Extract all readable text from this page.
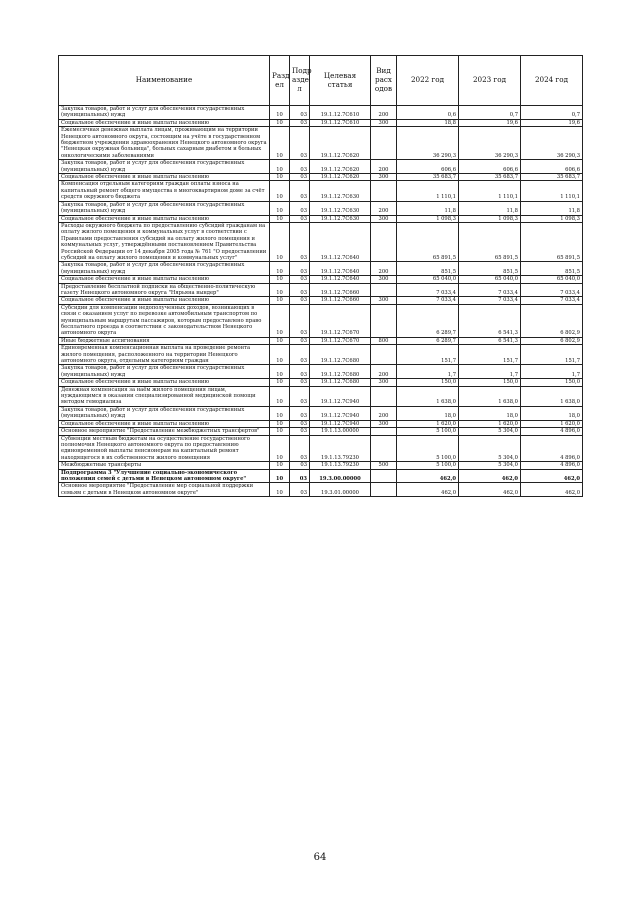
Наименование	Разд ел	Подр азде л	Целевая статья	Вид расх одов	2022 год	2023 год	2024 год
Закупка товаров, работ и услуг для обеспечения государственных (муниципальных) нужд	10	03	19.1.12.7С610	200	0,6	0,7	0,7
Социальное обеспечение и иные выплаты населению	10	03	19.1.12.7С610	300	18,8	19,6	19,6
Ежемесячная денежная выплата лицам, проживающим на территории Ненецкого автономного округа, состоящим на учёте в государственном бюджетном учреждении здравоохранения Ненецкого автономного округа "Ненецкая окружная больница", больных сахарным диабетом и больных онкологическими заболеваниями	10	03	19.1.12.7С620		36 290,3	36 290,3	36 290,3
Закупка товаров, работ и услуг для обеспечения государственных (муниципальных) нужд	10	03	19.1.12.7С620	200	606,6	606,6	606,6
Социальное обеспечение и иные выплаты населению	10	03	19.1.12.7С620	300	35 683,7	35 683,7	35 683,7
Компенсация отдельным категориям граждан оплаты взноса на капитальный ремонт общего имущества в многоквартирном доме за счёт средств окружного бюджета	10	03	19.1.12.7С630		1 110,1	1 110,1	1 110,1
Закупка товаров, работ и услуг для обеспечения государственных (муниципальных) нужд	10	03	19.1.12.7С630	200	11,8	11,8	11,8
Социальное обеспечение и иные выплаты населению	10	03	19.1.12.7С630	300	1 098,3	1 098,3	1 098,3
Расходы окружного бюджета по предоставлению субсидий гражданам на оплату жилого помещения и коммунальных услуг в соответствии с Правилами предоставления субсидий на оплату жилого помещения и коммунальных услуг, утверждёнными постановлением Правительства Российской Федерации от 14 декабря 2005 года № 761 "О предоставлении субсидий на оплату жилого помещения и коммунальных услуг"	10	03	19.1.12.7С640		65 891,5	65 891,5	65 891,5
Закупка товаров, работ и услуг для обеспечения государственных (муниципальных) нужд	10	03	19.1.12.7С640	200	851,5	851,5	851,5
Социальное обеспечение и иные выплаты населению	10	03	19.1.12.7С640	300	65 040,0	65 040,0	65 040,0
Предоставление бесплатной подписки на общественно-политическую газету Ненецкого автономного округа "Нярьяна вындер"	10	03	19.1.12.7С660		7 033,4	7 033,4	7 033,4
Социальное обеспечение и иные выплаты населению	10	03	19.1.12.7С660	300	7 033,4	7 033,4	7 033,4
Субсидии для компенсации недополученных доходов, возникающих в связи с оказанием услуг по перевозке автомобильным транспортом по муниципальным маршрутам пассажиров, которым предоставлено право бесплатного проезда в соответствии с законодательством Ненецкого автономного округа	10	03	19.1.12.7С670		6 289,7	6 541,3	6 802,9
Иные бюджетные ассигнования	10	03	19.1.12.7С670	800	6 289,7	6 541,3	6 802,9
Единовременная компенсационная выплата на проведение ремонта жилого помещения, расположенного на территории Ненецкого автономного округа, отдельным категориям граждан	10	03	19.1.12.7С680		151,7	151,7	151,7
Закупка товаров, работ и услуг для обеспечения государственных (муниципальных) нужд	10	03	19.1.12.7С680	200	1,7	1,7	1,7
Социальное обеспечение и иные выплаты населению	10	03	19.1.12.7С680	300	150,0	150,0	150,0
Денежная компенсация за наём жилого помещения лицам, нуждающимся в оказании специализированной медицинской помощи методом гемодиализа	10	03	19.1.12.7С940		1 638,0	1 638,0	1 638,0
Закупка товаров, работ и услуг для обеспечения государственных (муниципальных) нужд	10	03	19.1.12.7С940	200	18,0	18,0	18,0
Социальное обеспечение и иные выплаты населению	10	03	19.1.12.7С940	300	1 620,0	1 620,0	1 620,0
Основное мероприятие "Предоставление межбюджетных трансфертов"	10	03	19.1.13.00000		5 100,0	5 304,0	4 896,0
Субвенции местным бюджетам на осуществление государственного полномочия Ненецкого автономного округа по предоставлению единовременной выплаты пенсионерам на капитальный ремонт находящегося в их собственности жилого помещения	10	03	19.1.13.79230		5 100,0	5 304,0	4 896,0
Межбюджетные трансферты	10	03	19.1.13.79230	500	5 100,0	5 304,0	4 896,0
Подпрограмма 3 "Улучшение социально-экономического положения семей с детьми в Ненецком автономном округе"	10	03	19.3.00.00000		462,0	462,0	462,0
Основное мероприятие "Предоставление мер социальной поддержки семьям с детьми в Ненецком автономном округе"	10	03	19.3.01.00000		462,0	462,0	462,0
64
